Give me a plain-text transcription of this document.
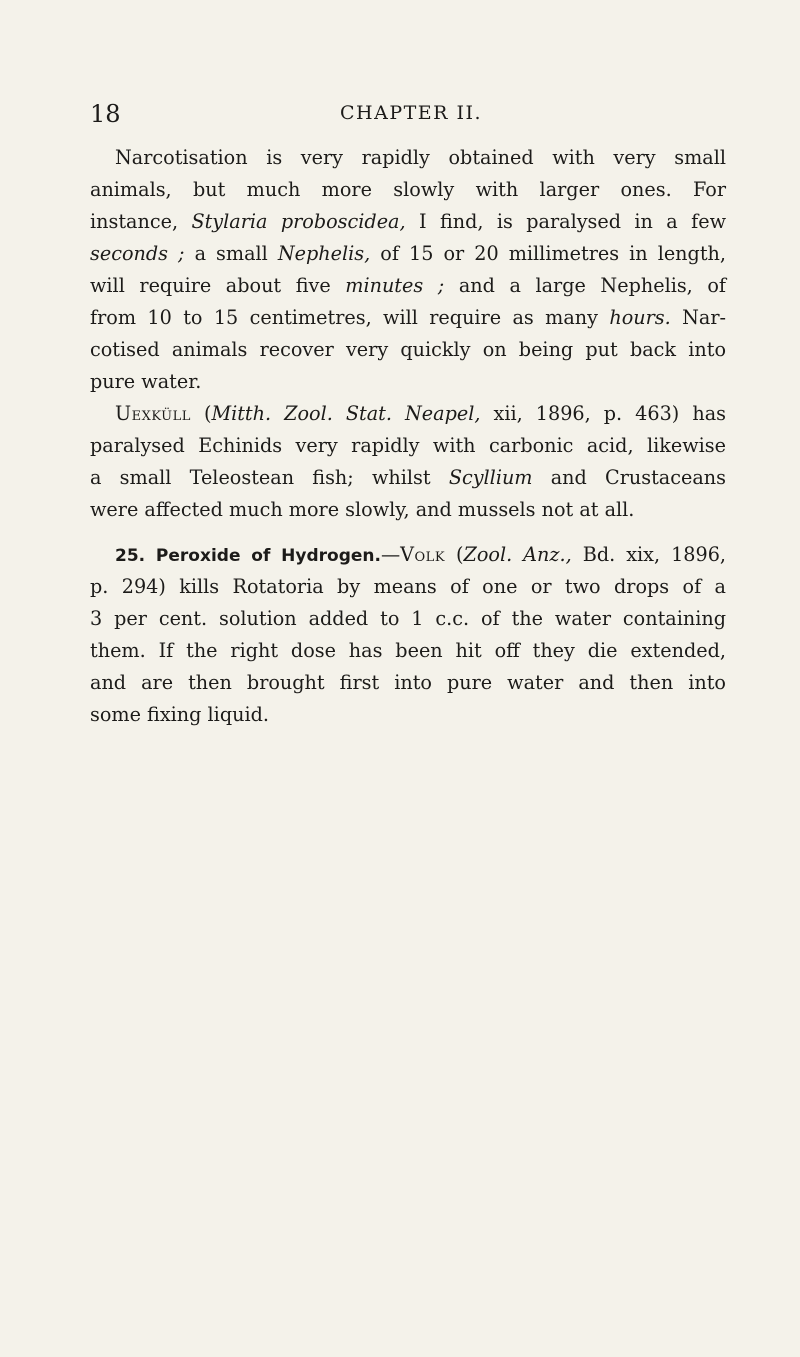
18	CHAPTER II.
Narcotisation is very rapidly obtained with very small
animals, but much more slowly with larger ones. For
instance, Stylaria proboscidea, I find, is paralysed in a few
seconds ; a small Nephelis, of 15 or 20 millimetres in length,
will require about five minutes ; and a large Nephelis, of
from 10 to 15 centimetres, will require as many hours. Nar-
cotised animals recover very quickly on being put back into
pure water.
Uexküll (Mitth. Zool. Stat. Neapel, xii, 1896, p. 463) has
paralysed Echinids very rapidly with carbonic acid, likewise
a small Teleostean fish; whilst Scyllium and Crustaceans
were affected much more slowly, and mussels not at all.
25. Peroxide of Hydrogen.—Volk (Zool. Anz., Bd. xix, 1896,
p. 294) kills Rotatoria by means of one or two drops of a
3 per cent. solution added to 1 c.c. of the water containing
them. If the right dose has been hit off they die extended,
and are then brought first into pure water and then into
some fixing liquid.
